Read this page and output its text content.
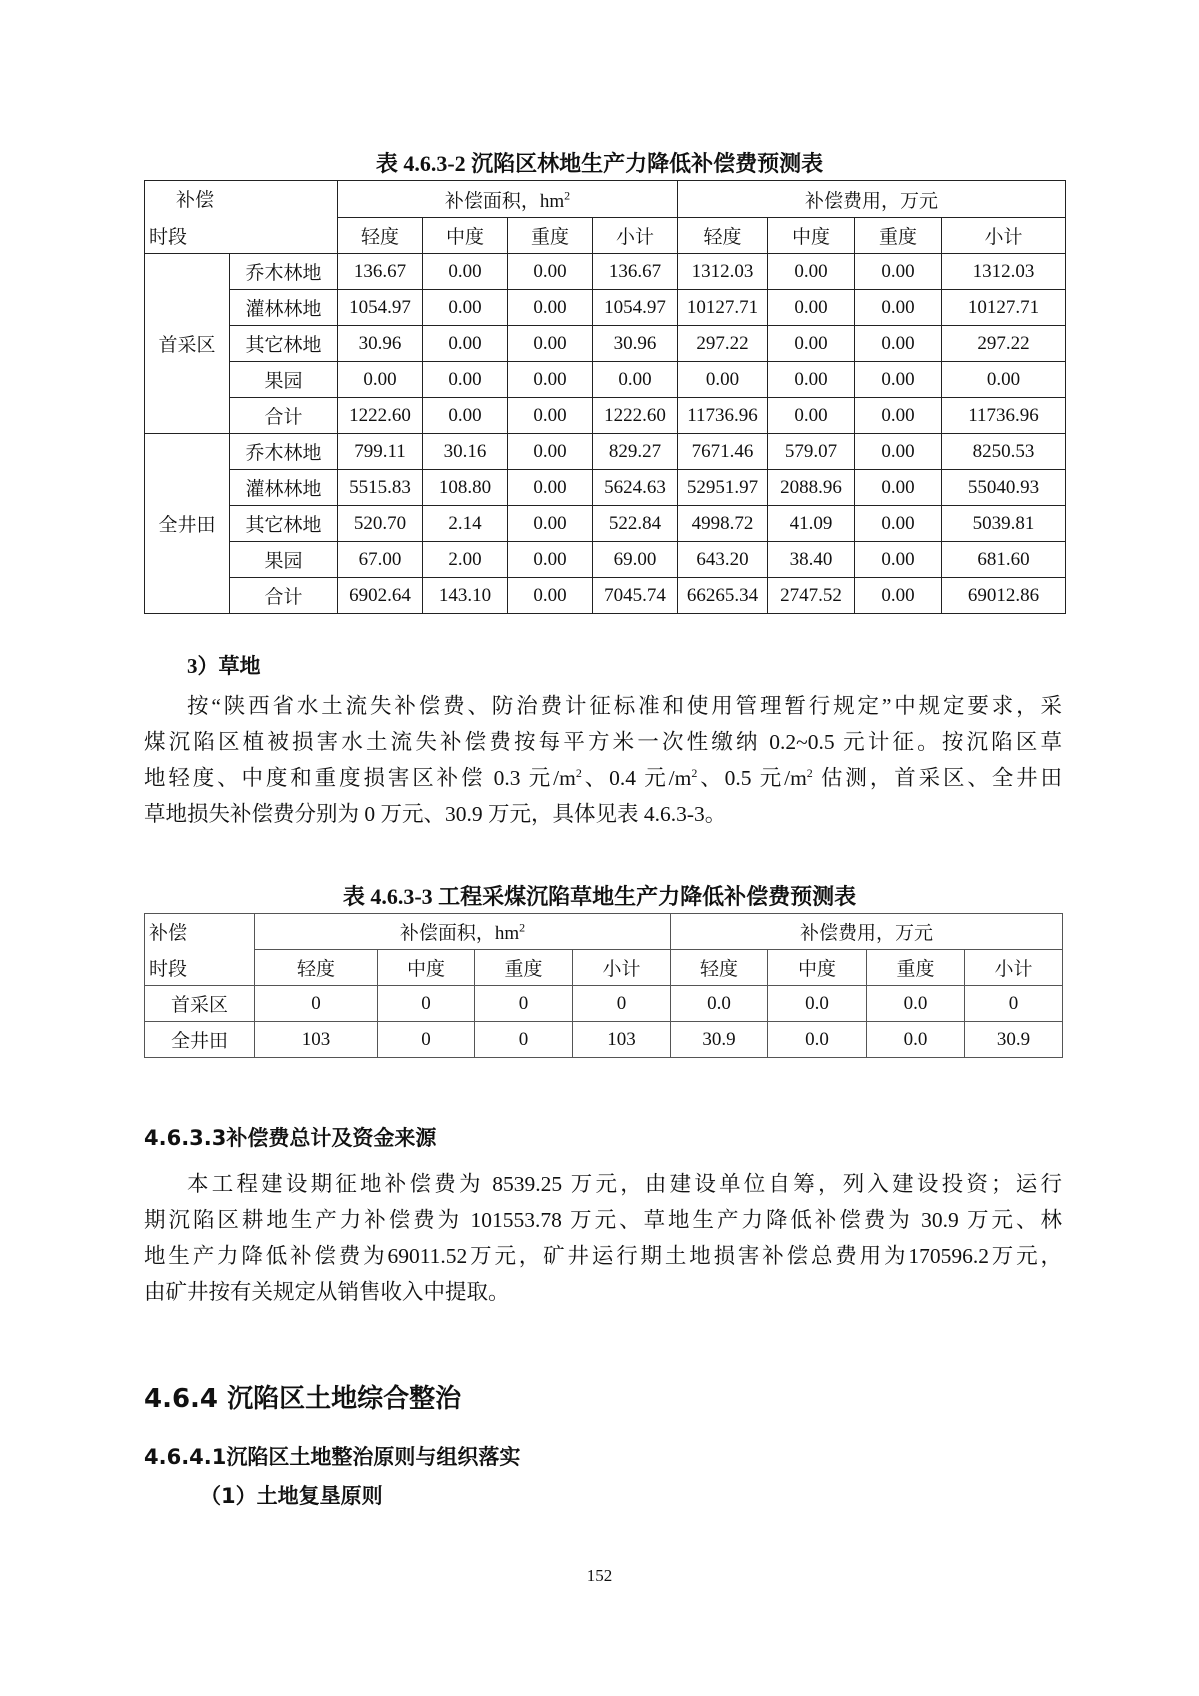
表 4.6.3-2 沉陷区林地生产力降低补偿费预测表
补偿
时段		补偿面积，$hm^2$				补偿费用，万元			
		轻度	中度	重度	小计	轻度	中度	重度	小计
首采区	乔木林地	136.67	0.00	0.00	136.67	1312.03	0.00	0.00	1312.03
	灌林林地	1054.97	0.00	0.00	1054.97	10127.71	0.00	0.00	10127.71
	其它林地	30.96	0.00	0.00	30.96	297.22	0.00	0.00	297.22
	果园	0.00	0.00	0.00	0.00	0.00	0.00	0.00	0.00
	合计	1222.60	0.00	0.00	1222.60	11736.96	0.00	0.00	11736.96
全井田	乔木林地	799.11	30.16	0.00	829.27	7671.46	579.07	0.00	8250.53
	灌林林地	5515.83	108.80	0.00	5624.63	52951.97	2088.96	0.00	55040.93
	其它林地	520.70	2.14	0.00	522.84	4998.72	41.09	0.00	5039.81
	果园	67.00	2.00	0.00	69.00	643.20	38.40	0.00	681.60
	合计	6902.64	143.10	0.00	7045.74	66265.34	2747.52	0.00	69012.86
3）草地
按“陕西省水土流失补偿费、防治费计征标准和使用管理暂行规定”中规定要求，采
煤沉陷区植被损害水土流失补偿费按每平方米一次性缴纳 0.2~0.5 元计征。按沉陷区草
地轻度、中度和重度损害区补偿 0.3 元$/m^2$、0.4 元$/m^2$、0.5 元$/m^2$ 估测，首采区、全井田
草地损失补偿费分别为 0 万元、30.9 万元，具体见表 4.6.3-3。
表 4.6.3-3 工程采煤沉陷草地生产力降低补偿费预测表
补偿	补偿面积，$hm^2$				补偿费用，万元			
时段	轻度	中度	重度	小计	轻度	中度	重度	小计
首采区	0	0	0	0	0.0	0.0	0.0	0
全井田	103	0	0	103	30.9	0.0	0.0	30.9
4.6.3.3补偿费总计及资金来源
本工程建设期征地补偿费为 8539.25 万元，由建设单位自筹，列入建设投资；运行
期沉陷区耕地生产力补偿费为 101553.78 万元、草地生产力降低补偿费为 30.9 万元、林
地生产力降低补偿费为69011.52万元，矿井运行期土地损害补偿总费用为170596.2万元，
由矿井按有关规定从销售收入中提取。
4.6.4 沉陷区土地综合整治
4.6.4.1沉陷区土地整治原则与组织落实
（1）土地复垦原则
152
